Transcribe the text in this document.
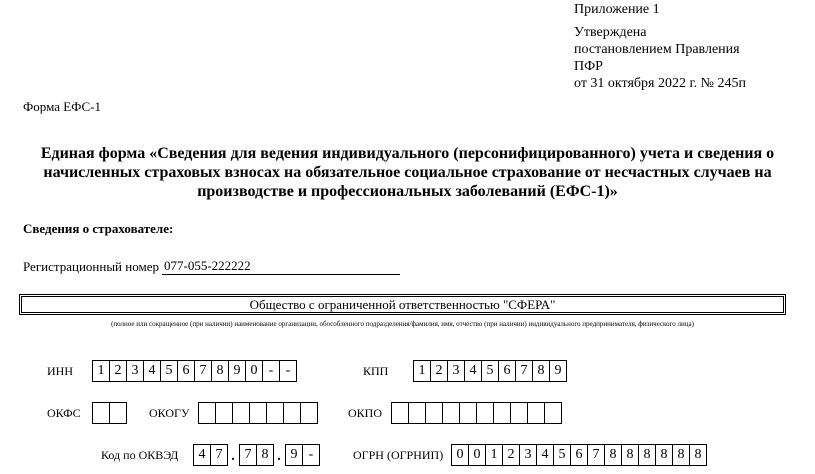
Приложение 1
Утверждена
постановлением Правления
ПФР
от 31 октября 2022 г. № 245п
Форма ЕФС-1
Единая форма «Сведения для ведения индивидуального (персонифицированного) учета и сведения о начисленных страховых взносах на обязательное социальное страхование от несчастных случаев на производстве и профессиональных заболеваний (ЕФС-1)»
Сведения о страхователе:
Регистрационный номер 077-055-222222
Общество с ограниченной ответственностью "СФЕРА"
(полное или сокращенное (при наличии) наименование организации, обособленного подразделения/фамилия, имя, отчество (при наличии) индивидуального предпринимателя, физического лица)
ИНН	1 2 3 4 5 6 7 8 9 0 - -	КПП	1 2 3 4 5 6 7 8 9
ОКФС	ОКОГУ	ОКПО
Код по ОКВЭД	4 7 . 7 8 . 9 -	ОГРН (ОГРНИП) 0 0 1 2 3 4 5 6 7 8 8 8 8 8 8
